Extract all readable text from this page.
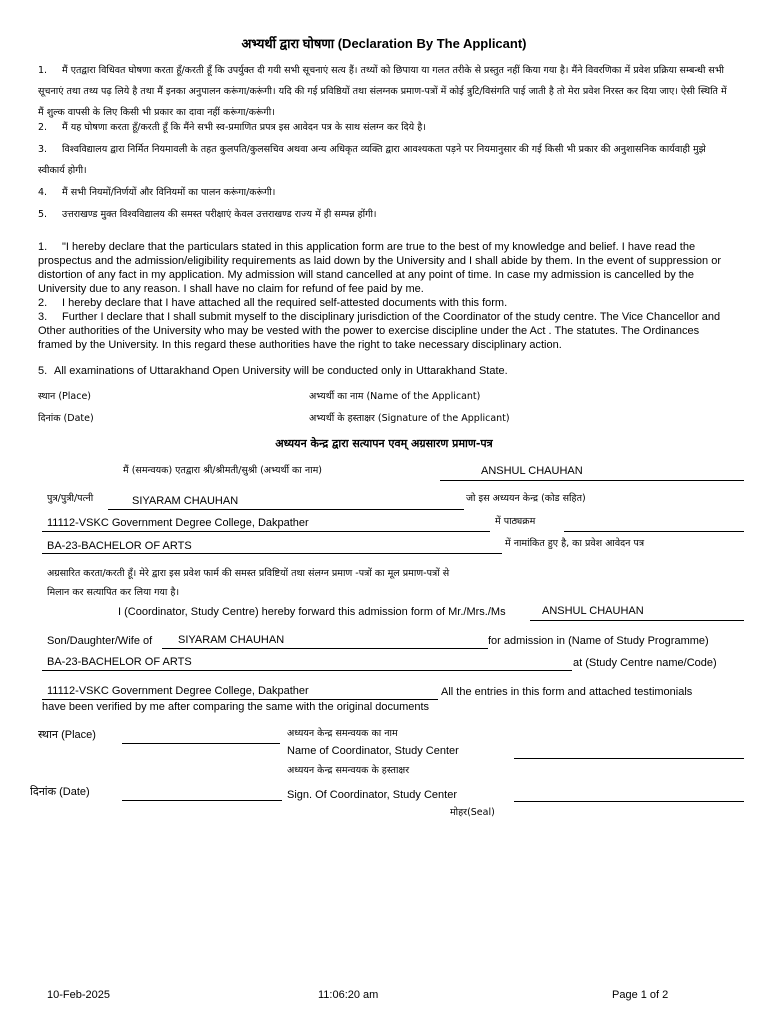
अभ्यर्थी द्वारा घोषणा (Declaration By The Applicant)
1. मैं एतद्वारा विधिवत घोषणा करता हूँ/करती हूँ कि उपर्युक्त दी गयी सभी सूचनाएं सत्य हैं। तथ्यों को छिपाया या गलत तरीके से प्रस्तुत नहीं किया गया है। मैंने विवरणिका में प्रवेश प्रक्रिया सम्बन्धी सभी सूचनाएं तथा तथ्य पढ़ लिये है तथा मैं इनका अनुपालन करूंगा/करूंगी। यदि की गई प्रविष्ठियों तथा संलग्नक प्रमाण-पत्रों में कोई त्रुटि/विसंगति पाई जाती है तो मेरा प्रवेश निरस्त कर दिया जाए। ऐसी स्थिति में मैं शुल्क वापसी के लिए किसी भी प्रकार का दावा नहीं करूंगा/करूंगी।
2. मैं यह घोषणा करता हूँ/करती हूँ कि मैंने सभी स्व-प्रमाणित प्रपत्र इस आवेदन पत्र के साथ संलग्न कर दिये है।
3. विश्वविद्यालय द्वारा निर्मित नियमावली के तहत कुलपति/कुलसचिव अथवा अन्य अधिकृत व्यक्ति द्वारा आवश्यकता पड़ने पर नियमानुसार की गई किसी भी प्रकार की अनुशासनिक कार्यवाही मुझे स्वीकार्य होगी।
4. मैं सभी नियमों/निर्णयों और विनियमों का पालन करूंगा/करूंगी।
5. उत्तराखण्ड मुक्त विश्वविद्यालय की समस्त परीक्षाएं केवल उत्तराखण्ड राज्य में ही सम्पन्न होंगी।
1. "I hereby declare that the particulars stated in this application form are true to the best of my knowledge and belief. I have read the prospectus and the admission/eligibility requirements as laid down by the University and I shall abide by them. In the event of suppression or distortion of any fact in my application. My admission will stand cancelled at any point of time. In case my admission is cancelled by the University due to any reason. I shall have no claim for refund of fee paid by me.
2. I hereby declare that I have attached all the required self-attested documents with this form.
3. Further I declare that I shall submit myself to the disciplinary jurisdiction of the Coordinator of the study centre. The Vice Chancellor and Other authorities of the University who may be vested with the power to exercise discipline under the Act . The statutes. The Ordinances framed by the University. In this regard these authorities have the right to take necessary disciplinary action.
5. All examinations of Uttarakhand Open University will be conducted only in Uttarakhand State.
स्थान (Place)	अभ्यर्थी का नाम (Name of the Applicant)
दिनांक (Date)	अभ्यर्थी के हस्ताक्षर (Signature of the Applicant)
अध्ययन केन्द्र द्वारा सत्यापन एवम् अग्रसारण प्रमाण-पत्र
मैं (समन्वयक) एतद्वारा श्री/श्रीमती/सुश्री (अभ्यर्थी का नाम)	ANSHUL CHAUHAN
पुत्र/पुत्री/पत्नी	SIYARAM CHAUHAN	जो इस अध्ययन केन्द्र (कोड सहित)
11112-VSKC Government Degree College, Dakpather	में पाठ्यक्रम
BA-23-BACHELOR OF ARTS	में नामांकित हुए है, का प्रवेश आवेदन पत्र
अग्रसारित करता/करती हूँ। मेरे द्वारा इस प्रवेश फार्म की समस्त प्रविष्टियों तथा संलग्न प्रमाण -पत्रों का मूल प्रमाण-पत्रों से
मिलान कर सत्यापित कर लिया गया है।
I (Coordinator, Study Centre) hereby forward this admission form of Mr./Mrs./Ms	ANSHUL CHAUHAN
Son/Daughter/Wife of SIYARAM CHAUHAN	for admission in (Name of Study Programme)
BA-23-BACHELOR OF ARTS	at (Study Centre name/Code)
11112-VSKC Government Degree College, Dakpather	All the entries in this form and attached testimonials
have been verified by me after comparing the same with the original documents
स्थान (Place)	अध्ययन केन्द्र समन्वयक का नाम
Name of Coordinator, Study Center
अध्ययन केन्द्र समन्वयक के हस्ताक्षर
दिनांक (Date)	Sign. Of Coordinator, Study Center
मोहर(Seal)
10-Feb-2025	11:06:20 am	Page 1 of 2
